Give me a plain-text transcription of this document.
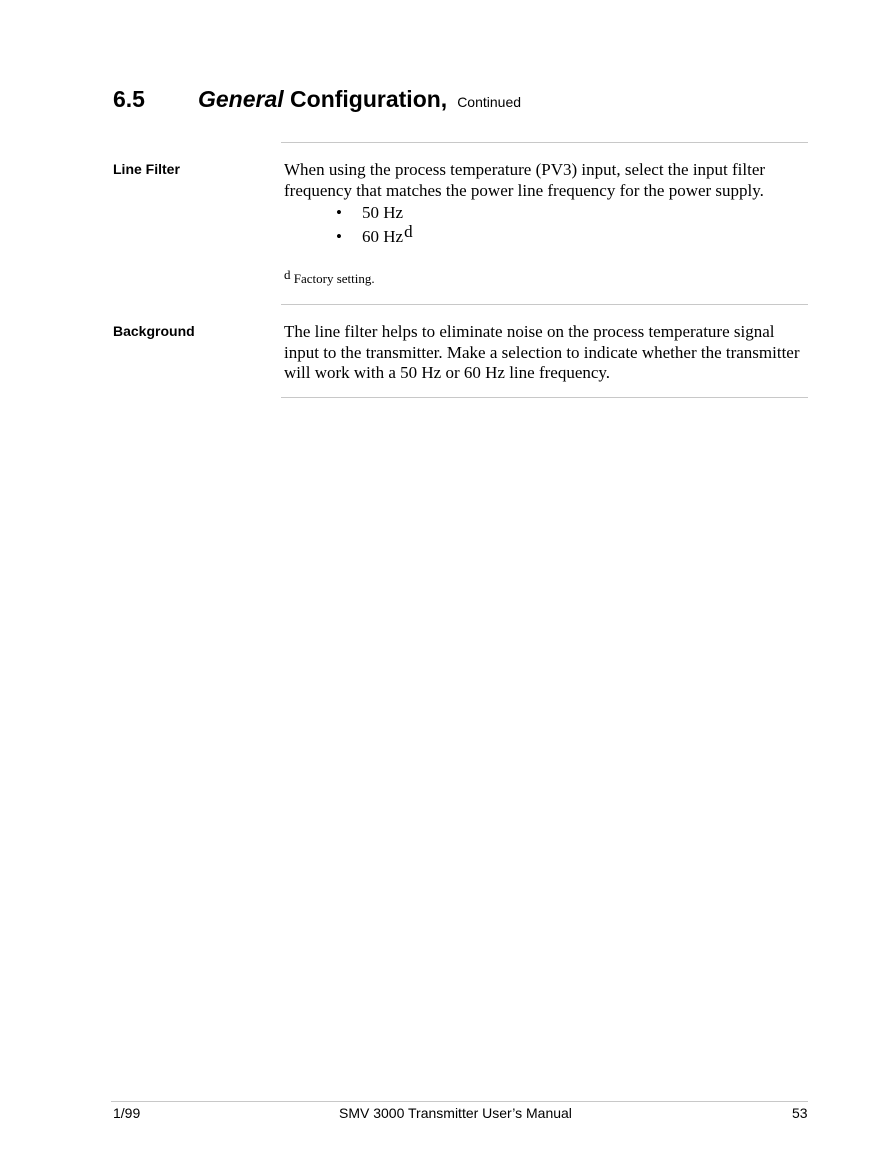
6.5 General Configuration, Continued
Line Filter	When using the process temperature (PV3) input, select the input filter frequency that matches the power line frequency for the power supply.
• 50 Hz
• 60 Hzd
d Factory setting.
Background	The line filter helps to eliminate noise on the process temperature signal input to the transmitter. Make a selection to indicate whether the transmitter will work with a 50 Hz or 60 Hz line frequency.
1/99	SMV 3000 Transmitter User’s Manual	53
